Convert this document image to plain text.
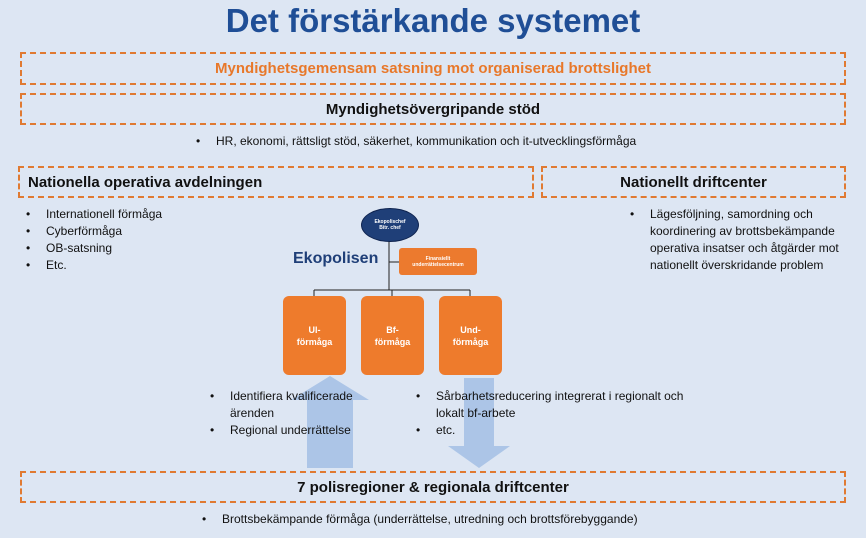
Det förstärkande systemet
Myndighetsgemensam satsning mot organiserad brottslighet
Myndighetsövergripande stöd
• HR, ekonomi, rättsligt stöd, säkerhet, kommunikation och it-utvecklingsförmåga
Nationella operativa avdelningen
• Internationell förmåga
• Cyberförmåga
• OB-satsning
• Etc.
Nationellt driftcenter
• Lägesföljning, samordning och koordinering av brottsbekämpande operativa insatser och åtgärder mot nationellt överskridande problem
Ekopolischef
Bitr. chef
Ekopolisen	Finansiellt
underrättelsecentrum
Ul-
förmåga
Bf-
förmåga
Und-
förmåga
• Identifiera kvalificerade ärenden
• Regional underrättelse
• Sårbarhetsreducering integrerat i regionalt och lokalt bf-arbete
• etc.
7 polisregioner & regionala driftcenter
• Brottsbekämpande förmåga (underrättelse, utredning och brottsförebyggande)
